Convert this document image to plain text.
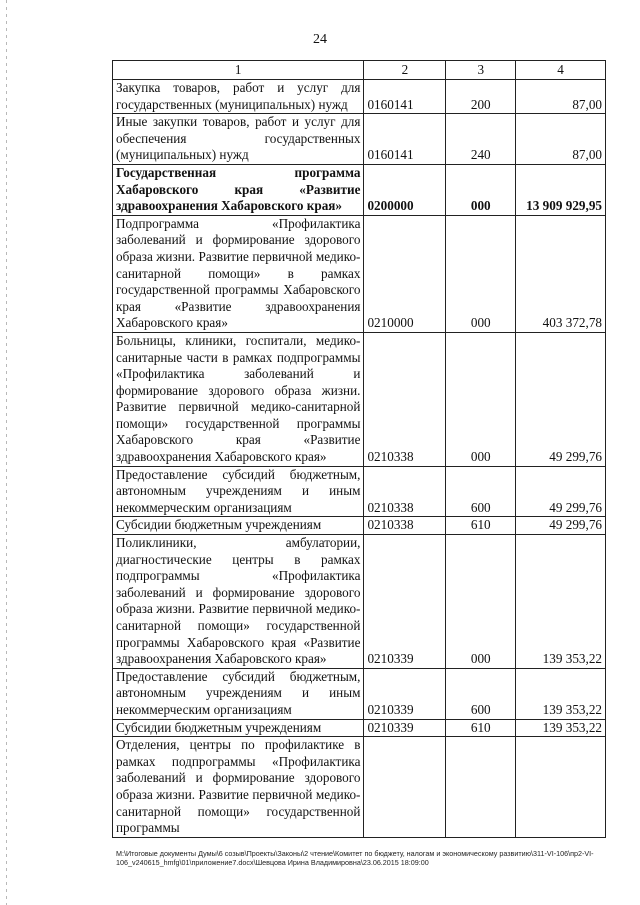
24
1	2	3	4
Закупка товаров, работ и услуг для государственных (муниципальных) нужд	0160141	200	87,00
Иные закупки товаров, работ и услуг для обеспечения государственных (муниципальных) нужд	0160141	240	87,00
Государственная программа Хабаровского края «Развитие здравоохранения Хабаровского края»	0200000	000	13 909 929,95
Подпрограмма «Профилактика заболеваний и формирование здорового образа жизни. Развитие первичной медико-санитарной помощи» в рамках государственной программы Хабаровского края «Развитие здравоохранения Хабаровского края»	0210000	000	403 372,78
Больницы, клиники, госпитали, медико-санитарные части в рамках подпрограммы «Профилактика заболеваний и формирование здорового образа жизни. Развитие первичной медико-санитарной помощи» государственной программы Хабаровского края «Развитие здравоохранения Хабаровского края»	0210338	000	49 299,76
Предоставление субсидий бюджетным, автономным учреждениям и иным некоммерческим организациям	0210338	600	49 299,76
Субсидии бюджетным учреждениям	0210338	610	49 299,76
Поликлиники, амбулатории, диагностические центры в рамках подпрограммы «Профилактика заболеваний и формирование здорового образа жизни. Развитие первичной медико-санитарной помощи» государственной программы Хабаровского края «Развитие здравоохранения Хабаровского края»	0210339	000	139 353,22
Предоставление субсидий бюджетным, автономным учреждениям и иным некоммерческим организациям	0210339	600	139 353,22
Субсидии бюджетным учреждениям	0210339	610	139 353,22
Отделения, центры по профилактике в рамках подпрограммы «Профилактика заболеваний и формирование здорового образа жизни. Развитие первичной медико-санитарной помощи» государственной программы			
M:\Итоговые документы Думы\6 созыв\Проекты\Законы\2 чтение\Комитет по бюджету, налогам и экономическому развитию\311-VI-106\пр2-VI-106_v240615_hmfg\01\приложение7.docx\Шевцова Ирина Владимировна\23.06.2015 18:09:00
